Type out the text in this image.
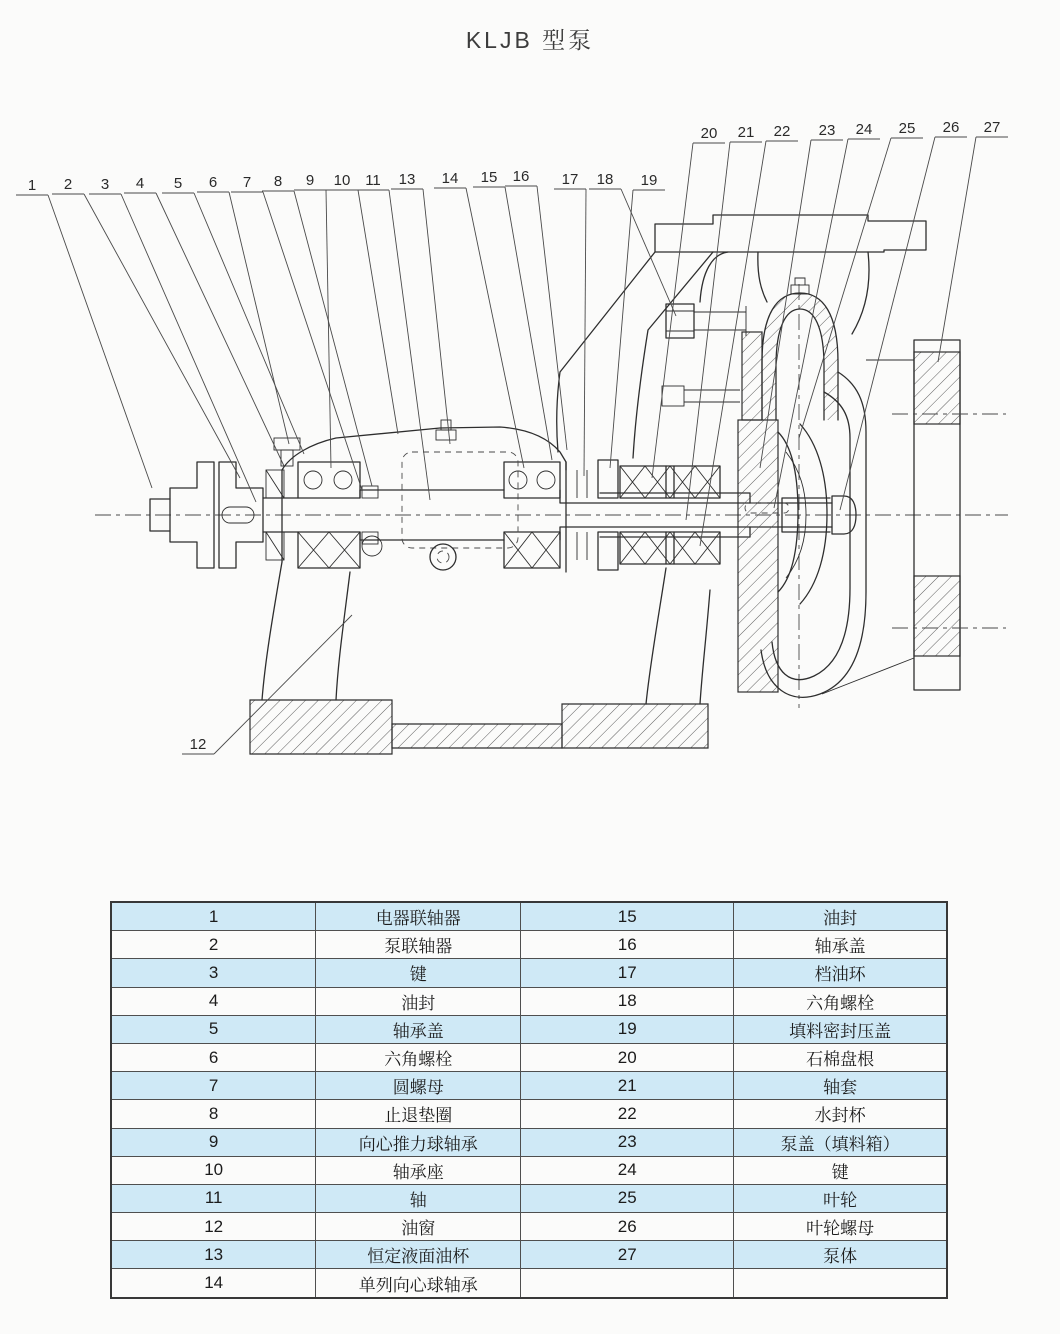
KLJB 型泵
1 2 3 4 5 6 7 8 9 10 11 13 14 15 16 17 18 19
20 21 22 23 24 25 26 27
12
1	电器联轴器	15	油封
2	泵联轴器	16	轴承盖
3	键	17	档油环
4	油封	18	六角螺栓
5	轴承盖	19	填料密封压盖
6	六角螺栓	20	石棉盘根
7	圆螺母	21	轴套
8	止退垫圈	22	水封杯
9	向心推力球轴承	23	泵盖（填料箱）
10	轴承座	24	键
11	轴	25	叶轮
12	油窗	26	叶轮螺母
13	恒定液面油杯	27	泵体
14	单列向心球轴承		
